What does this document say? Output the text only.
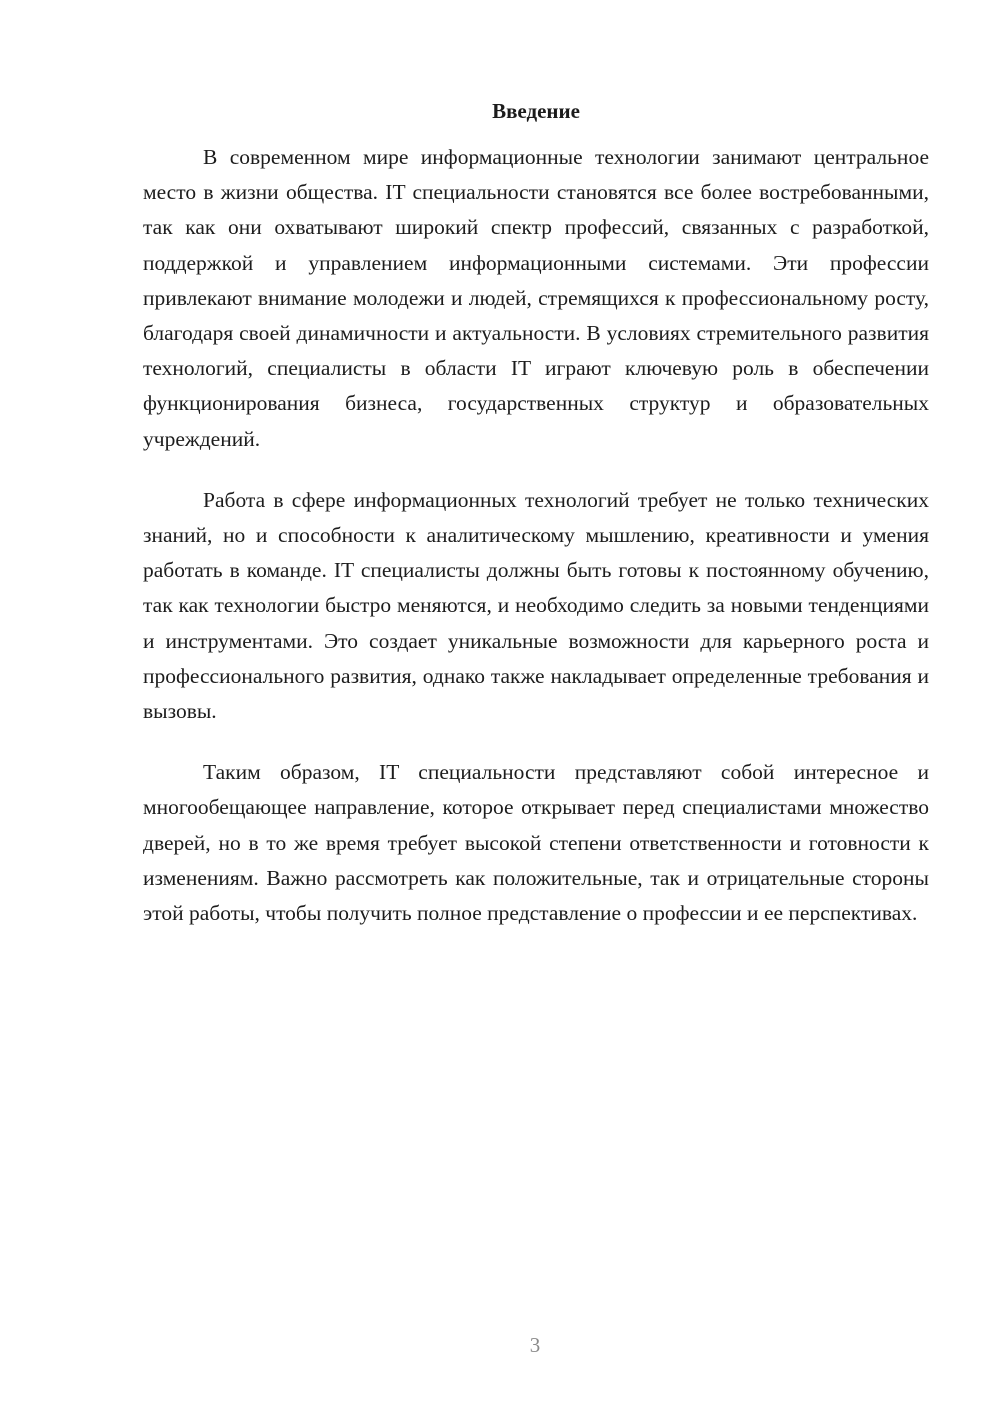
Введение

В современном мире информационные технологии занимают центральное место в жизни общества. IT специальности становятся все более востребованными, так как они охватывают широкий спектр профессий, связанных с разработкой, поддержкой и управлением информационными системами. Эти профессии привлекают внимание молодежи и людей, стремящихся к профессиональному росту, благодаря своей динамичности и актуальности. В условиях стремительного развития технологий, специалисты в области IT играют ключевую роль в обеспечении функционирования бизнеса, государственных структур и образовательных учреждений.

Работа в сфере информационных технологий требует не только технических знаний, но и способности к аналитическому мышлению, креативности и умения работать в команде. IT специалисты должны быть готовы к постоянному обучению, так как технологии быстро меняются, и необходимо следить за новыми тенденциями и инструментами. Это создает уникальные возможности для карьерного роста и профессионального развития, однако также накладывает определенные требования и вызовы.

Таким образом, IT специальности представляют собой интересное и многообещающее направление, которое открывает перед специалистами множество дверей, но в то же время требует высокой степени ответственности и готовности к изменениям. Важно рассмотреть как положительные, так и отрицательные стороны этой работы, чтобы получить полное представление о профессии и ее перспективах.

3
